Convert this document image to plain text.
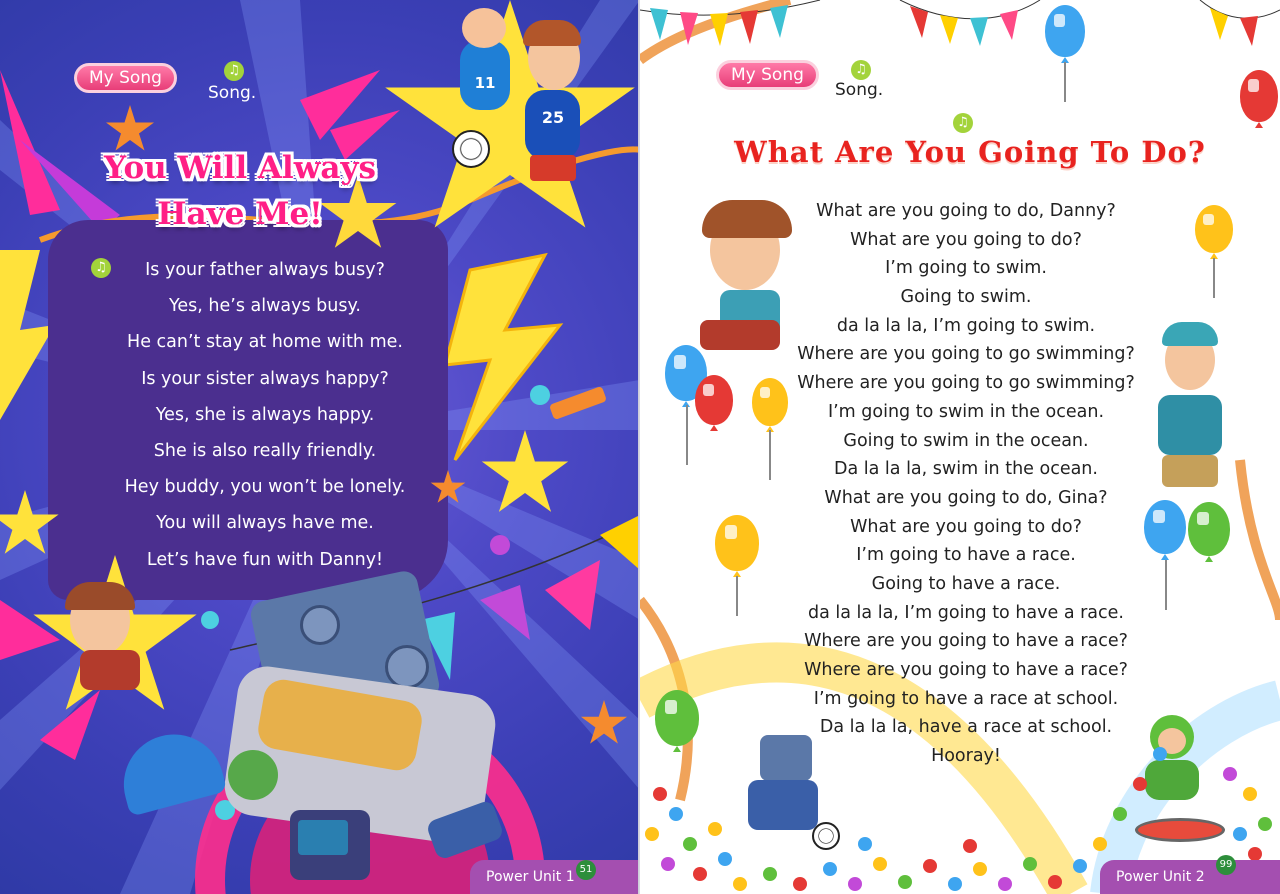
11
25
My Song	♫
Song.
You Will Always
Have Me!
♫	Is your father always busy?
Yes, he’s always busy.
He can’t stay at home with me.
Is your sister always happy?
Yes, she is always happy.
She is also really friendly.
Hey buddy, you won’t be lonely.
You will always have me.
Let’s have fun with Danny!
Power Unit 1 51
My Song	♫
Song.
♫
Power Unit 2
99
What Are You Going To Do?
What are you going to do, Danny?
What are you going to do?
I’m going to swim.
Going to swim.
da la la la, I’m going to swim.
Where are you going to go swimming?
Where are you going to go swimming?
I’m going to swim in the ocean.
Going to swim in the ocean.
Da la la la, swim in the ocean.
What are you going to do, Gina?
What are you going to do?
I’m going to have a race.
Going to have a race.
da la la la, I’m going to have a race.
Where are you going to have a race?
Where are you going to have a race?
I’m going to have a race at school.
Da la la la, have a race at school.
Hooray!
